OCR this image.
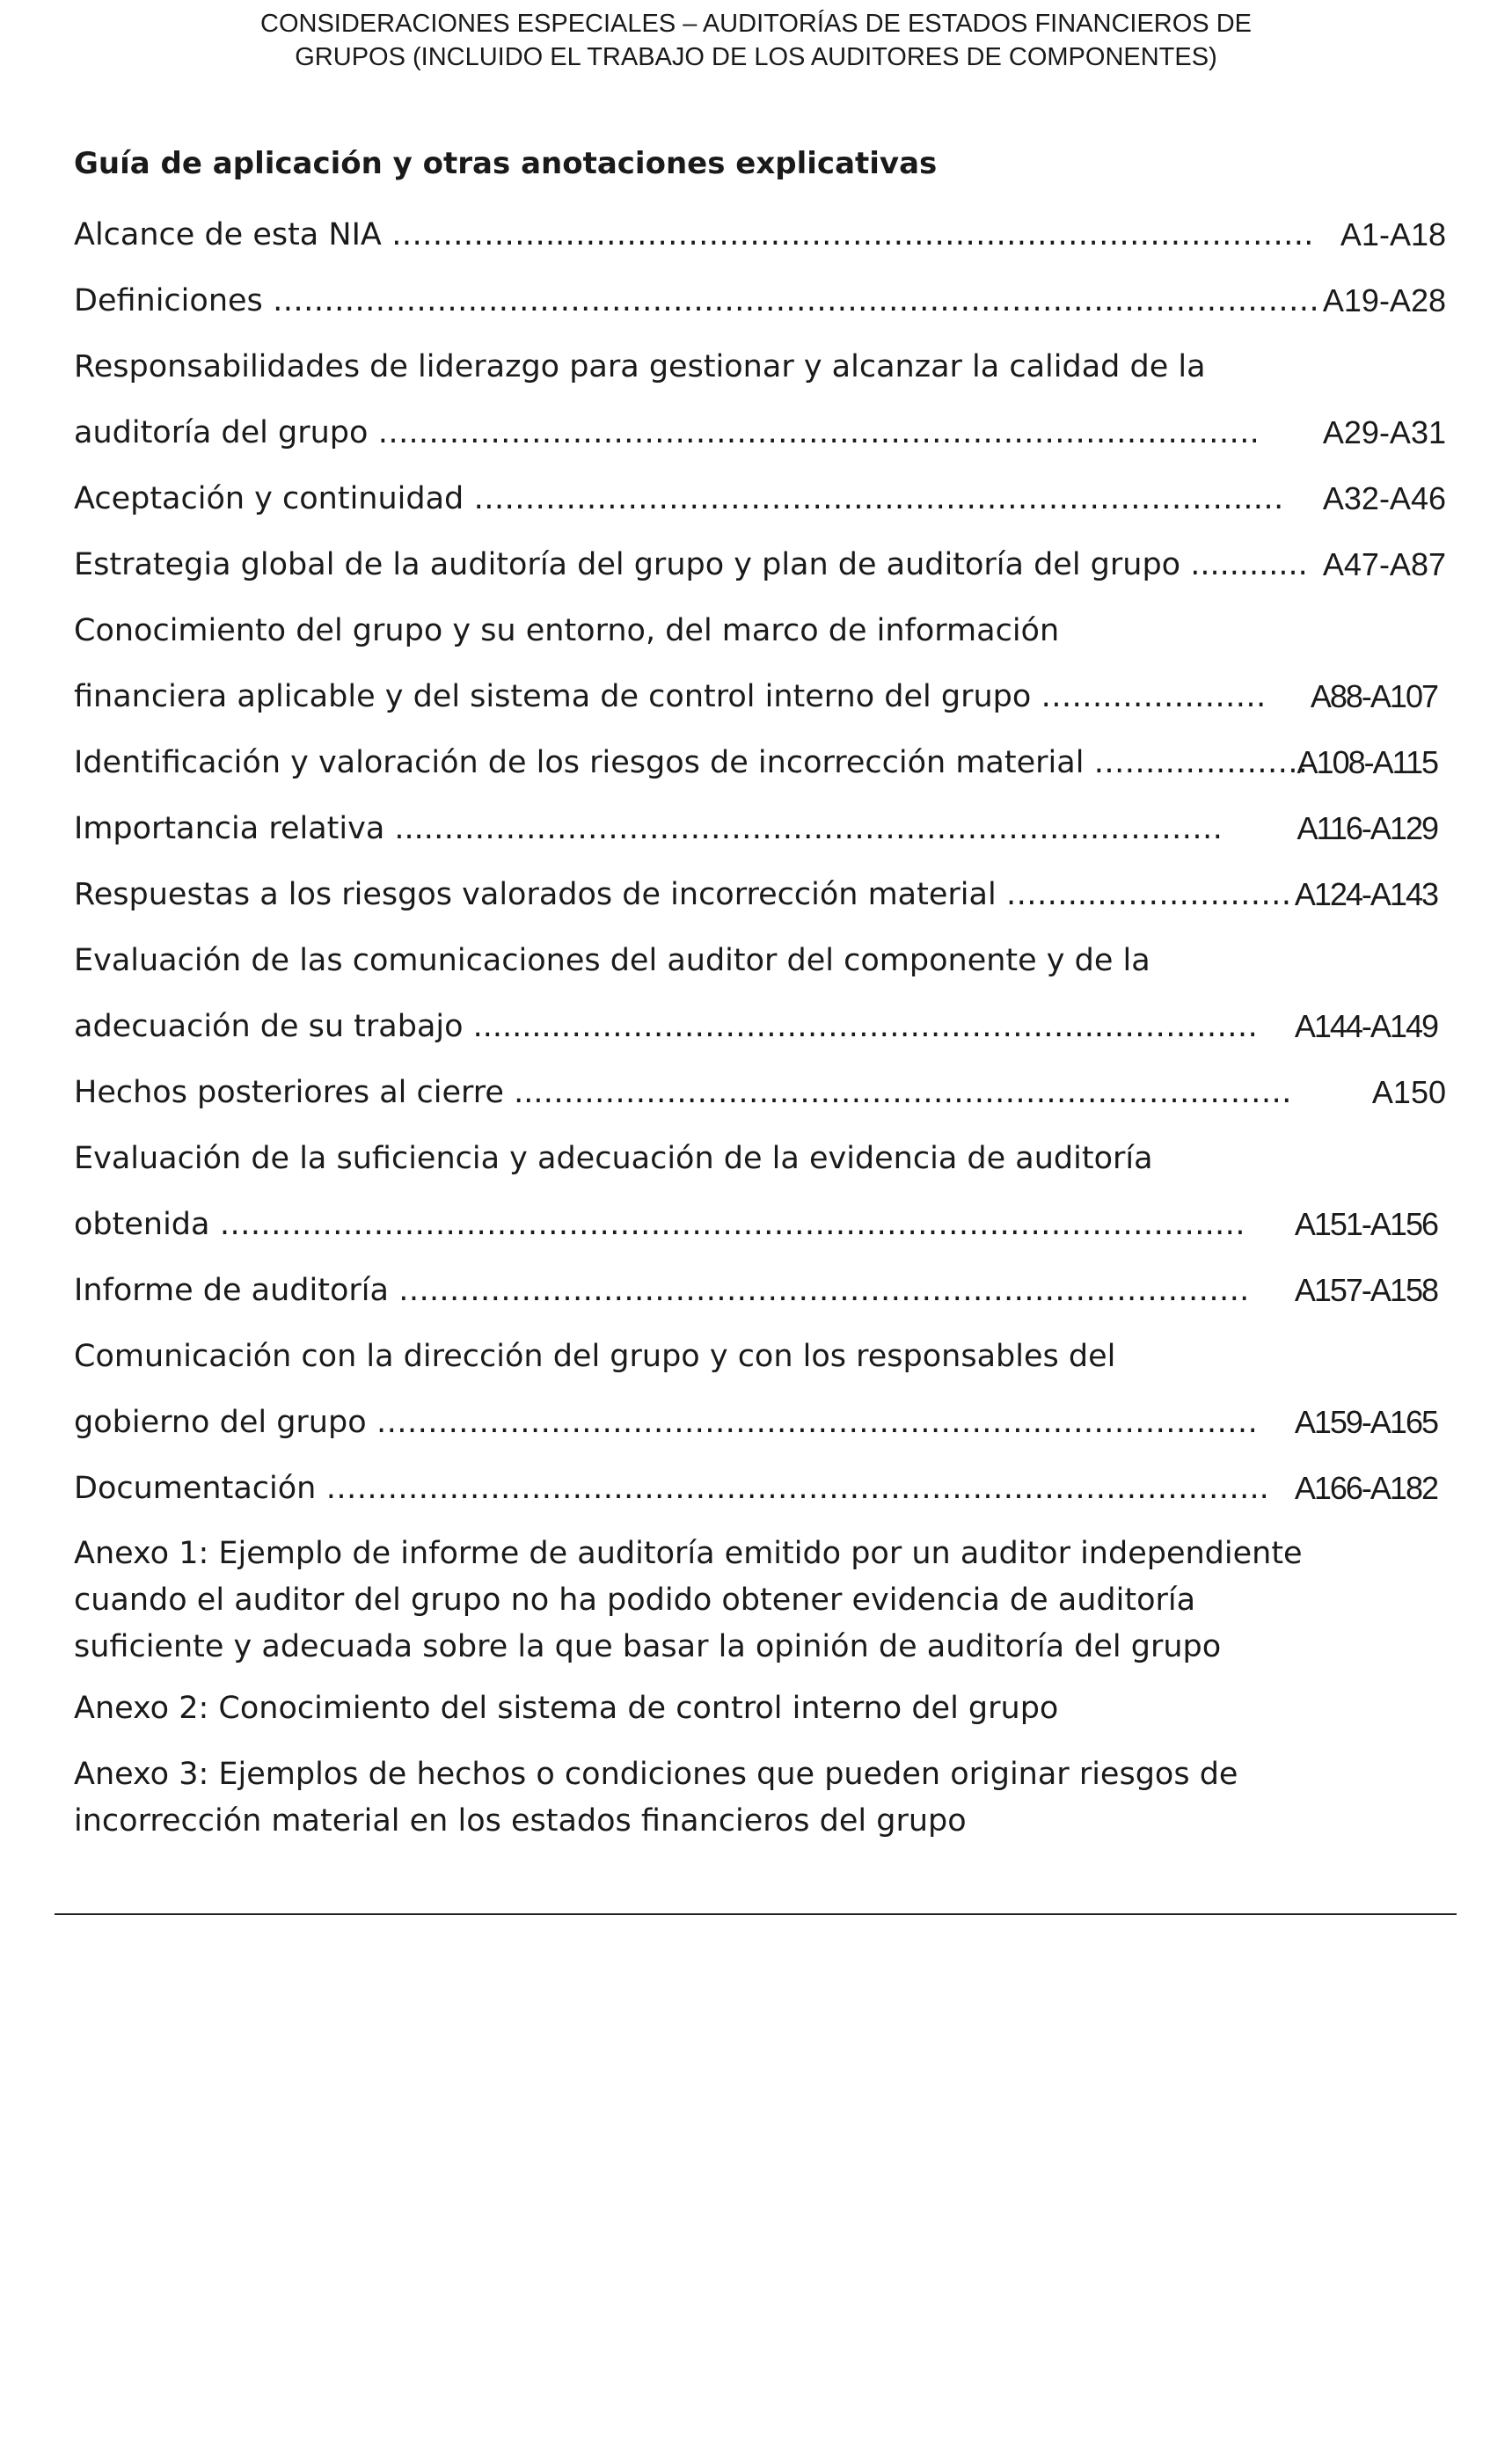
CONSIDERACIONES ESPECIALES – AUDITORÍAS DE ESTADOS FINANCIEROS DE
GRUPOS (INCLUIDO EL TRABAJO DE LOS AUDITORES DE COMPONENTES)
Guía de aplicación y otras anotaciones explicativas
Alcance de esta NIA ……………..………………………………………………………………. A1-A18
Definiciones ………………………………………………………………………………………… A19-A28
Responsabilidades de liderazgo para gestionar y alcanzar la calidad de la
auditoría del grupo ….………………………………………………………………………. A29-A31
Aceptación y continuidad ………………………………………………………………….… A32-A46
Estrategia global de la auditoría del grupo y plan de auditoría del grupo ............ A47-A87
Conocimiento del grupo y su entorno, del marco de información
financiera aplicable y del sistema de control interno del grupo …….…………… A88-A107
Identificación y valoración de los riesgos de incorrección material ……..………….
A108-A115
Importancia relativa ....………………………………………………………..………… A116-A129
Respuestas a los riesgos valorados de incorrección material ……...………….…… A124-A143
Evaluación de las comunicaciones del auditor del componente y de la
adecuación de su trabajo .........……………………………………………..…………… A144-A149
Hechos posteriores al cierre ...……………………………………………………….………	A150
Evaluación de la suficiencia y adecuación de la evidencia de auditoría
obtenida …………………………………………………………………………………….… A151-A156
Informe de auditoría ….……………………………………………………………………. A157-A158
Comunicación con la dirección del grupo y con los responsables del
gobierno del grupo ………………………………………………………..………………… A159-A165
Documentación ……………………………………………………………………………….. A166-A182
Anexo 1: Ejemplo de informe de auditoría emitido por un auditor independiente
cuando el auditor del grupo no ha podido obtener evidencia de auditoría
suficiente y adecuada sobre la que basar la opinión de auditoría del grupo
Anexo 2: Conocimiento del sistema de control interno del grupo
Anexo 3: Ejemplos de hechos o condiciones que pueden originar riesgos de
incorrección material en los estados financieros del grupo
